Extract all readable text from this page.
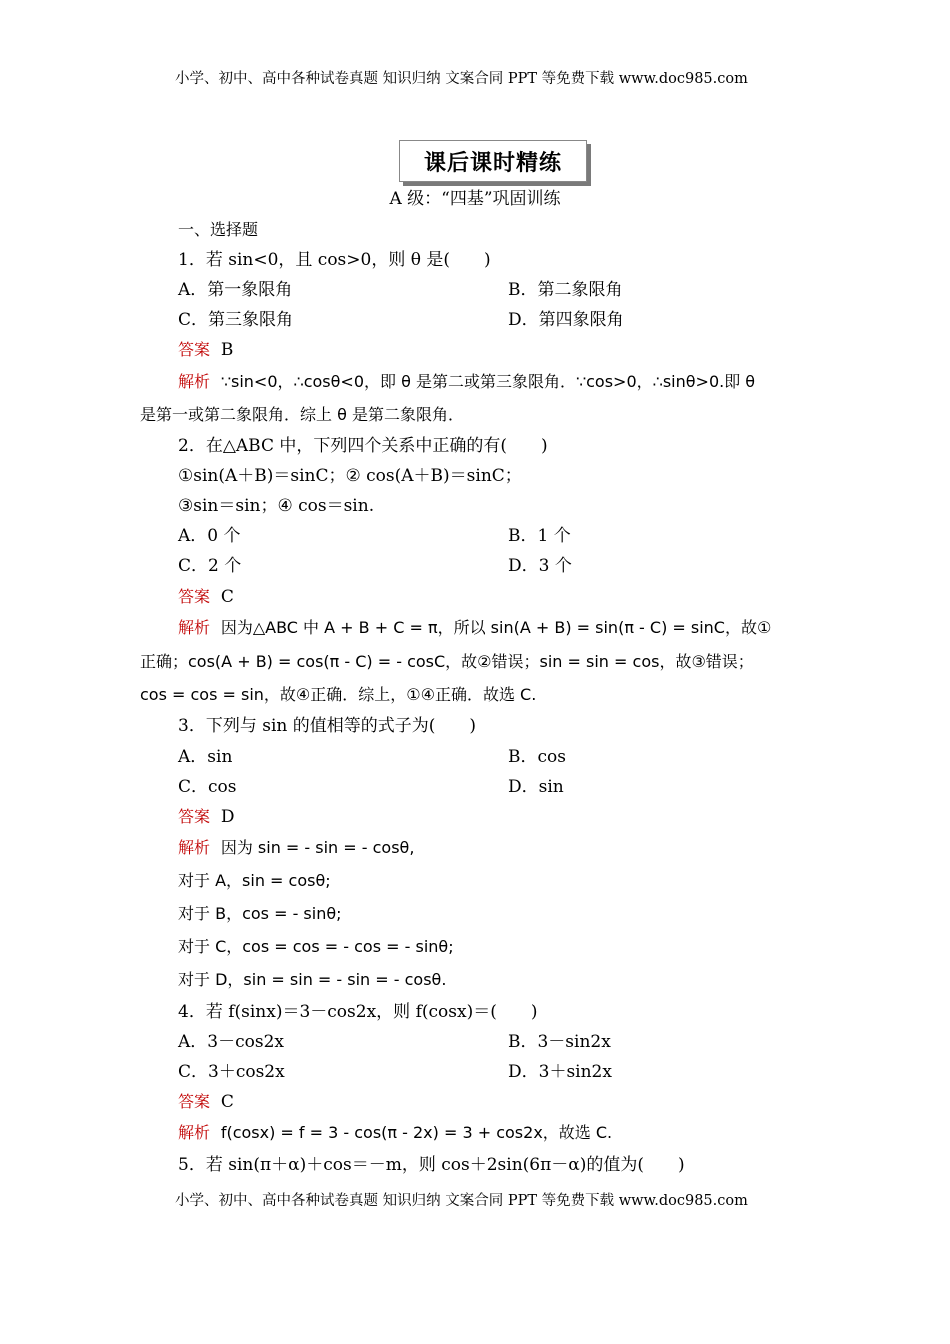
小学、初中、高中各种试卷真题 知识归纳 文案合同 PPT 等免费下载 www.doc985.com
课后课时精练
A 级：“四基”巩固训练
一、选择题
1．若 sin<0，且 cos>0，则 θ 是(　　)
A．第一象限角	B．第二象限角
C．第三象限角	D．第四象限角
答案 B
解析 ∵sin<0，∴cosθ<0，即 θ 是第二或第三象限角．∵cos>0，∴sinθ>0.即 θ
是第一或第二象限角．综上 θ 是第二象限角．
2．在△ABC 中，下列四个关系中正确的有(　　)
①sin(A＋B)＝sinC；② cos(A＋B)＝sinC；
③sin＝sin；④ cos＝sin.
A．0 个	B．1 个
C．2 个	D．3 个
答案 C
解析 因为△ABC 中 A + B + C = π，所以 sin(A + B) = sin(π - C) = sinC，故①
正确；cos(A + B) = cos(π - C) = - cosC，故②错误；sin = sin = cos，故③错误；
cos = cos = sin，故④正确．综上，①④正确．故选 C.
3．下列与 sin 的值相等的式子为(　　)
A．sin	B．cos
C．cos	D．sin
答案 D
解析 因为 sin = - sin = - cosθ,
对于 A，sin = cosθ;
对于 B，cos = - sinθ;
对于 C，cos = cos = - cos = - sinθ;
对于 D，sin = sin = - sin = - cosθ.
4．若 f(sinx)＝3－cos2x，则 f(cosx)＝(　　)
A．3－cos2x	B．3－sin2x
C．3＋cos2x	D．3＋sin2x
答案 C
解析 f(cosx) = f = 3 - cos(π - 2x) = 3 + cos2x，故选 C.
5．若 sin(π＋α)＋cos＝－m，则 cos＋2sin(6π－α)的值为(　　)
小学、初中、高中各种试卷真题 知识归纳 文案合同 PPT 等免费下载 www.doc985.com
